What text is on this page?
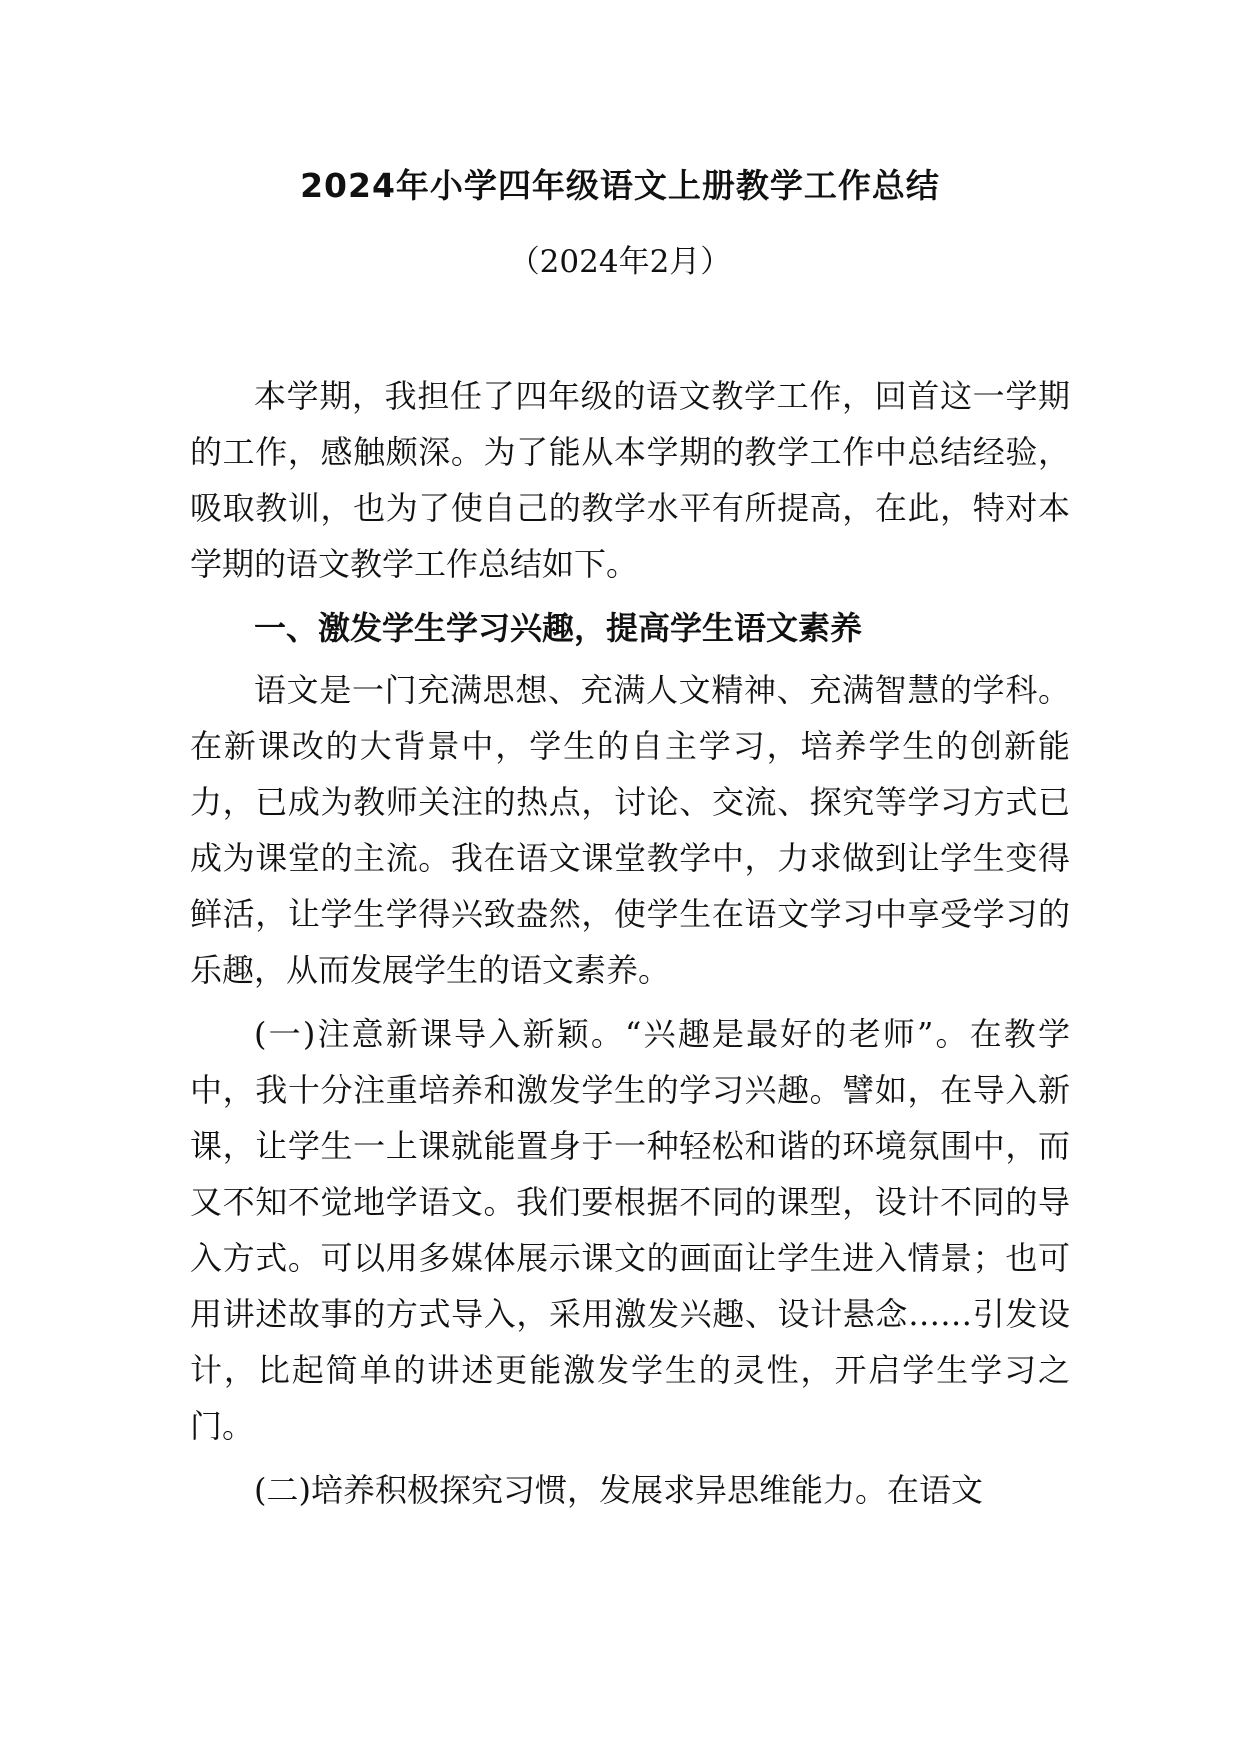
2024年小学四年级语文上册教学工作总结

（2024年2月）

本学期，我担任了四年级的语文教学工作，回首这一学期的工作，感触颇深。为了能从本学期的教学工作中总结经验，吸取教训，也为了使自己的教学水平有所提高，在此，特对本学期的语文教学工作总结如下。

一、激发学生学习兴趣，提高学生语文素养

语文是一门充满思想、充满人文精神、充满智慧的学科。在新课改的大背景中，学生的自主学习，培养学生的创新能力，已成为教师关注的热点，讨论、交流、探究等学习方式已成为课堂的主流。我在语文课堂教学中，力求做到让学生变得鲜活，让学生学得兴致盎然，使学生在语文学习中享受学习的乐趣，从而发展学生的语文素养。

(一)注意新课导入新颖。“兴趣是最好的老师”。在教学中，我十分注重培养和激发学生的学习兴趣。譬如，在导入新课，让学生一上课就能置身于一种轻松和谐的环境氛围中，而又不知不觉地学语文。我们要根据不同的课型，设计不同的导入方式。可以用多媒体展示课文的画面让学生进入情景；也可用讲述故事的方式导入，采用激发兴趣、设计悬念……引发设计，比起简单的讲述更能激发学生的灵性，开启学生学习之门。

(二)培养积极探究习惯，发展求异思维能力。在语文
